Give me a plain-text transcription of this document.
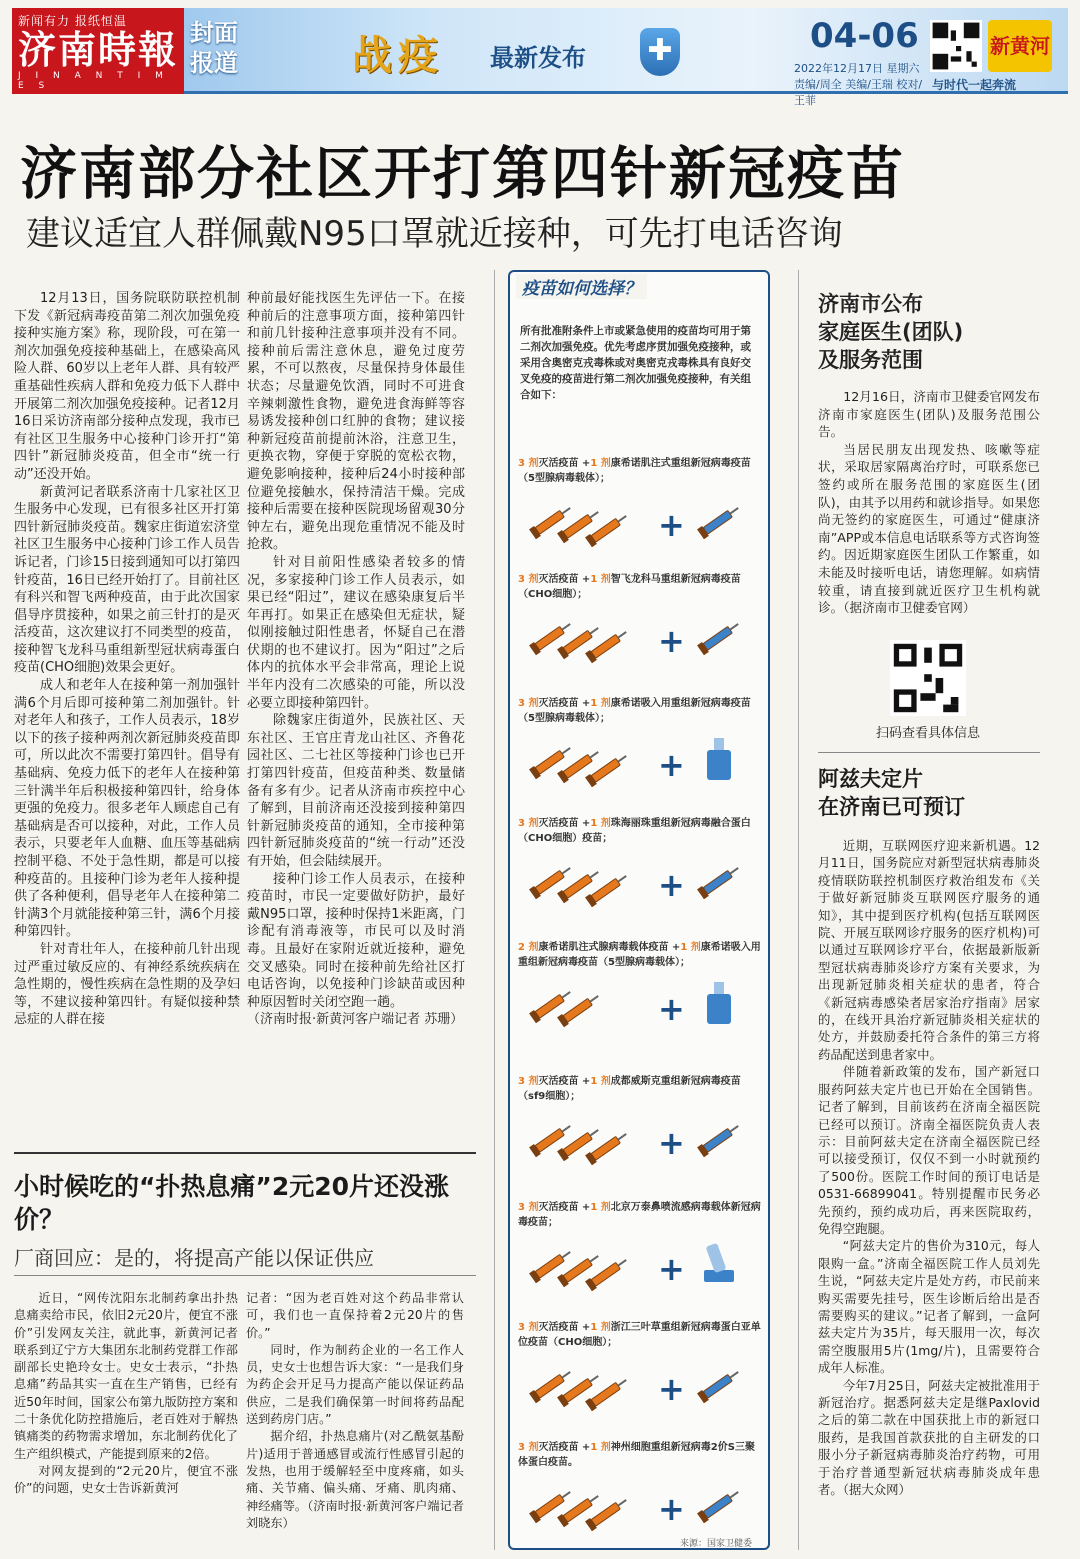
新闻有力 报纸恒温
济南時報
J I N A N T I M E S
封面报道	战疫 最新发布 ✚	04-06
2022年12月17日 星期六
责编/周全 美编/王瑞 校对/王菲
新黄河
与时代一起奔流
济南部分社区开打第四针新冠疫苗
建议适宜人群佩戴N95口罩就近接种，可先打电话咨询

12月13日，国务院联防联控机制下发《新冠病毒疫苗第二剂次加强免疫接种实施方案》称，现阶段，可在第一剂次加强免疫接种基础上，在感染高风险人群、60岁以上老年人群、具有较严重基础性疾病人群和免疫力低下人群中开展第二剂次加强免疫接种。记者12月16日采访济南部分接种点发现，我市已有社区卫生服务中心接种门诊开打“第四针”新冠肺炎疫苗，但全市“统一行动”还没开始。

新黄河记者联系济南十几家社区卫生服务中心发现，已有很多社区开打第四针新冠肺炎疫苗。魏家庄街道宏济堂社区卫生服务中心接种门诊工作人员告诉记者，门诊15日接到通知可以打第四针疫苗，16日已经开始打了。目前社区有科兴和智飞两种疫苗，由于此次国家倡导序贯接种，如果之前三针打的是灭活疫苗，这次建议打不同类型的疫苗，接种智飞龙科马重组新型冠状病毒蛋白疫苗(CHO细胞)效果会更好。

成人和老年人在接种第一剂加强针满6个月后即可接种第二剂加强针。针对老年人和孩子，工作人员表示，18岁以下的孩子接种两剂次新冠肺炎疫苗即可，所以此次不需要打第四针。倡导有基础病、免疫力低下的老年人在接种第三针满半年后积极接种第四针，给身体更强的免疫力。很多老年人顾虑自己有基础病是否可以接种，对此，工作人员表示，只要老年人血糖、血压等基础病控制平稳、不处于急性期，都是可以接种疫苗的。且接种门诊为老年人接种提供了各种便利，倡导老年人在接种第二针满3个月就能接种第三针，满6个月接种第四针。

针对青壮年人，在接种前几针出现过严重过敏反应的、有神经系统疾病在急性期的，慢性疾病在急性期的及孕妇等，不建议接种第四针。有疑似接种禁忌症的人群在接

种前最好能找医生先评估一下。在接种前后的注意事项方面，接种第四针和前几针接种注意事项并没有不同。接种前后需注意休息，避免过度劳累，不可以熬夜，尽量保持身体最佳状态；尽量避免饮酒，同时不可进食辛辣刺激性食物，避免进食海鲜等容易诱发接种创口红肿的食物；建议接种新冠疫苗前提前沐浴，注意卫生，更换衣物，穿便于穿脱的宽松衣物，避免影响接种，接种后24小时接种部位避免接触水，保持清洁干燥。完成接种后需要在接种医院现场留观30分钟左右，避免出现危重情况不能及时抢救。

针对目前阳性感染者较多的情况，多家接种门诊工作人员表示，如果已经“阳过”，建议在感染康复后半年再打。如果正在感染但无症状，疑似刚接触过阳性患者，怀疑自己在潜伏期的也不建议打。因为“阳过”之后体内的抗体水平会非常高，理论上说半年内没有二次感染的可能，所以没必要立即接种第四针。

除魏家庄街道外，民族社区、天东社区、王官庄青龙山社区、齐鲁花园社区、二七社区等接种门诊也已开打第四针疫苗，但疫苗种类、数量储备有多有少。记者从济南市疾控中心了解到，目前济南还没接到接种第四针新冠肺炎疫苗的通知，全市接种第四针新冠肺炎疫苗的“统一行动”还没有开始，但会陆续展开。

接种门诊工作人员表示，在接种疫苗时，市民一定要做好防护，最好戴N95口罩，接种时保持1米距离，门诊配有消毒液等，市民可以及时消毒。且最好在家附近就近接种，避免交叉感染。同时在接种前先给社区打电话咨询，以免接种门诊缺苗或因种种原因暂时关闭空跑一趟。

（济南时报·新黄河客户端记者 苏珊）

小时候吃的“扑热息痛”2元20片还没涨价？
厂商回应：是的，将提高产能以保证供应

近日，“网传沈阳东北制药拿出扑热息痛卖给市民，依旧2元20片，便宜不涨价”引发网友关注，就此事，新黄河记者联系到辽宁方大集团东北制药党群工作部副部长史艳玲女士。史女士表示，“扑热息痛”药品其实一直在生产销售，已经有近50年时间，国家公布第九版防控方案和二十条优化防控措施后，老百姓对于解热镇痛类的药物需求增加，东北制药优化了生产组织模式，产能提到原来的2倍。

对网友提到的“2元20片，便宜不涨价”的问题，史女士告诉新黄河

记者：“因为老百姓对这个药品非常认可，我们也一直保持着2元20片的售价。”

同时，作为制药企业的一名工作人员，史女士也想告诉大家：“一是我们身为药企会开足马力提高产能以保证药品供应，二是我们确保第一时间将药品配送到药房门店。”

据介绍，扑热息痛片(对乙酰氨基酚片)适用于普通感冒或流行性感冒引起的发热，也用于缓解轻至中度疼痛，如头痛、关节痛、偏头痛、牙痛、肌肉痛、神经痛等。（济南时报·新黄河客户端记者 刘晓东）

疫苗如何选择？
所有批准附条件上市或紧急使用的疫苗均可用于第二剂次加强免疫。优先考虑序贯加强免疫接种，或采用含奥密克戎毒株或对奥密克戎毒株具有良好交叉免疫的疫苗进行第二剂次加强免疫接种，有关组合如下：
3 剂灭活疫苗 +1 剂康希诺肌注式重组新冠病毒疫苗（5型腺病毒载体）；
+
3 剂灭活疫苗 +1 剂智飞龙科马重组新冠病毒疫苗（CHO细胞）；
+
3 剂灭活疫苗 +1 剂康希诺吸入用重组新冠病毒疫苗（5型腺病毒载体）；
+
3 剂灭活疫苗 +1 剂珠海丽珠重组新冠病毒融合蛋白（CHO细胞）疫苗；
+
2 剂康希诺肌注式腺病毒载体疫苗 +1 剂康希诺吸入用重组新冠病毒疫苗（5型腺病毒载体）；
+
3 剂灭活疫苗 +1 剂成都威斯克重组新冠病毒疫苗（sf9细胞）；
+
3 剂灭活疫苗 +1 剂北京万泰鼻喷流感病毒载体新冠病毒疫苗；
+
3 剂灭活疫苗 +1 剂浙江三叶草重组新冠病毒蛋白亚单位疫苗（CHO细胞）；
+
3 剂灭活疫苗 +1 剂神州细胞重组新冠病毒2价S三聚体蛋白疫苗。
+
来源：国家卫健委
济南市公布
家庭医生(团队)
及服务范围

12月16日，济南市卫健委官网发布济南市家庭医生(团队)及服务范围公告。

当居民朋友出现发热、咳嗽等症状，采取居家隔离治疗时，可联系您已签约或所在服务范围的家庭医生(团队)，由其予以用药和就诊指导。如果您尚无签约的家庭医生，可通过“健康济南”APP或本信息电话联系等方式咨询签约。因近期家庭医生团队工作繁重，如未能及时接听电话，请您理解。如病情较重，请直接到就近医疗卫生机构就诊。（据济南市卫健委官网）

扫码查看具体信息
阿兹夫定片
在济南已可预订

近期，互联网医疗迎来新机遇。12月11日，国务院应对新型冠状病毒肺炎疫情联防联控机制医疗救治组发布《关于做好新冠肺炎互联网医疗服务的通知》，其中提到医疗机构(包括互联网医院、开展互联网诊疗服务的医疗机构)可以通过互联网诊疗平台，依据最新版新型冠状病毒肺炎诊疗方案有关要求，为出现新冠肺炎相关症状的患者，符合《新冠病毒感染者居家治疗指南》居家的，在线开具治疗新冠肺炎相关症状的处方，并鼓励委托符合条件的第三方将药品配送到患者家中。

伴随着新政策的发布，国产新冠口服药阿兹夫定片也已开始在全国销售。记者了解到，目前该药在济南全福医院已经可以预订。济南全福医院负责人表示：目前阿兹夫定在济南全福医院已经可以接受预订，仅仅不到一小时就预约了500份。医院工作时间的预订电话是0531-66899041。特别提醒市民务必先预约，预约成功后，再来医院取药，免得空跑腿。

“阿兹夫定片的售价为310元，每人限购一盒。”济南全福医院工作人员刘先生说，“阿兹夫定片是处方药，市民前来购买需要先挂号，医生诊断后给出是否需要购买的建议。”记者了解到，一盒阿兹夫定片为35片，每天服用一次，每次需空腹服用5片(1mg/片)，且需要符合成年人标准。

今年7月25日，阿兹夫定被批准用于新冠治疗。据悉阿兹夫定是继Paxlovid之后的第二款在中国获批上市的新冠口服药，是我国首款获批的自主研发的口服小分子新冠病毒肺炎治疗药物，可用于治疗普通型新冠状病毒肺炎成年患者。（据大众网）
